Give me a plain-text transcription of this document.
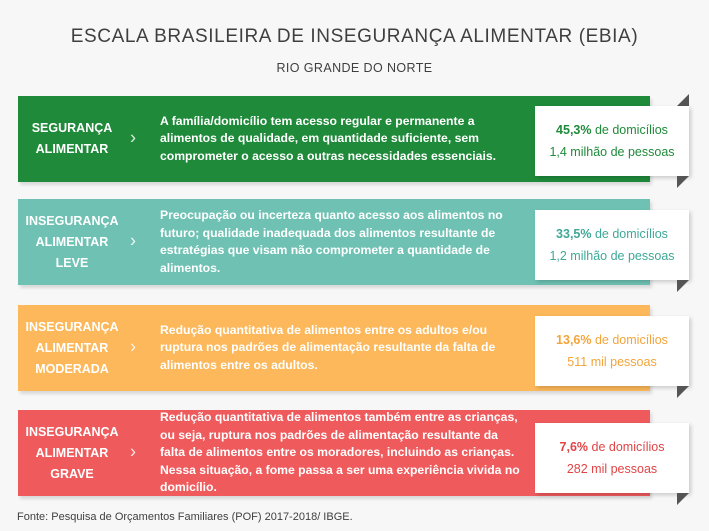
ESCALA BRASILEIRA DE INSEGURANÇA ALIMENTAR (EBIA)
RIO GRANDE DO NORTE
SEGURANÇA
ALIMENTAR
›
A família/domicílio tem acesso regular e permanente a alimentos de qualidade, em quantidade suficiente, sem comprometer o acesso a outras necessidades essenciais.
45,3% de domicílios
1,4 milhão de pessoas
INSEGURANÇA
ALIMENTAR
LEVE
›
Preocupação ou incerteza quanto acesso aos alimentos no futuro; qualidade inadequada dos alimentos resultante de estratégias que visam não comprometer a quantidade de alimentos.
33,5% de domicílios
1,2 milhão de pessoas
INSEGURANÇA
ALIMENTAR
MODERADA
›
Redução quantitativa de alimentos entre os adultos e/ou ruptura nos padrões de alimentação resultante da falta de alimentos entre os adultos.
13,6% de domicílios
511 mil pessoas
INSEGURANÇA
ALIMENTAR
GRAVE
›
Redução quantitativa de alimentos também entre as crianças, ou seja, ruptura nos padrões de alimentação resultante da falta de alimentos entre os moradores, incluindo as crianças. Nessa situação, a fome passa a ser uma experiência vivida no domicílio.
7,6% de domicílios
282 mil pessoas
Fonte: Pesquisa de Orçamentos Familiares (POF) 2017-2018/ IBGE.
